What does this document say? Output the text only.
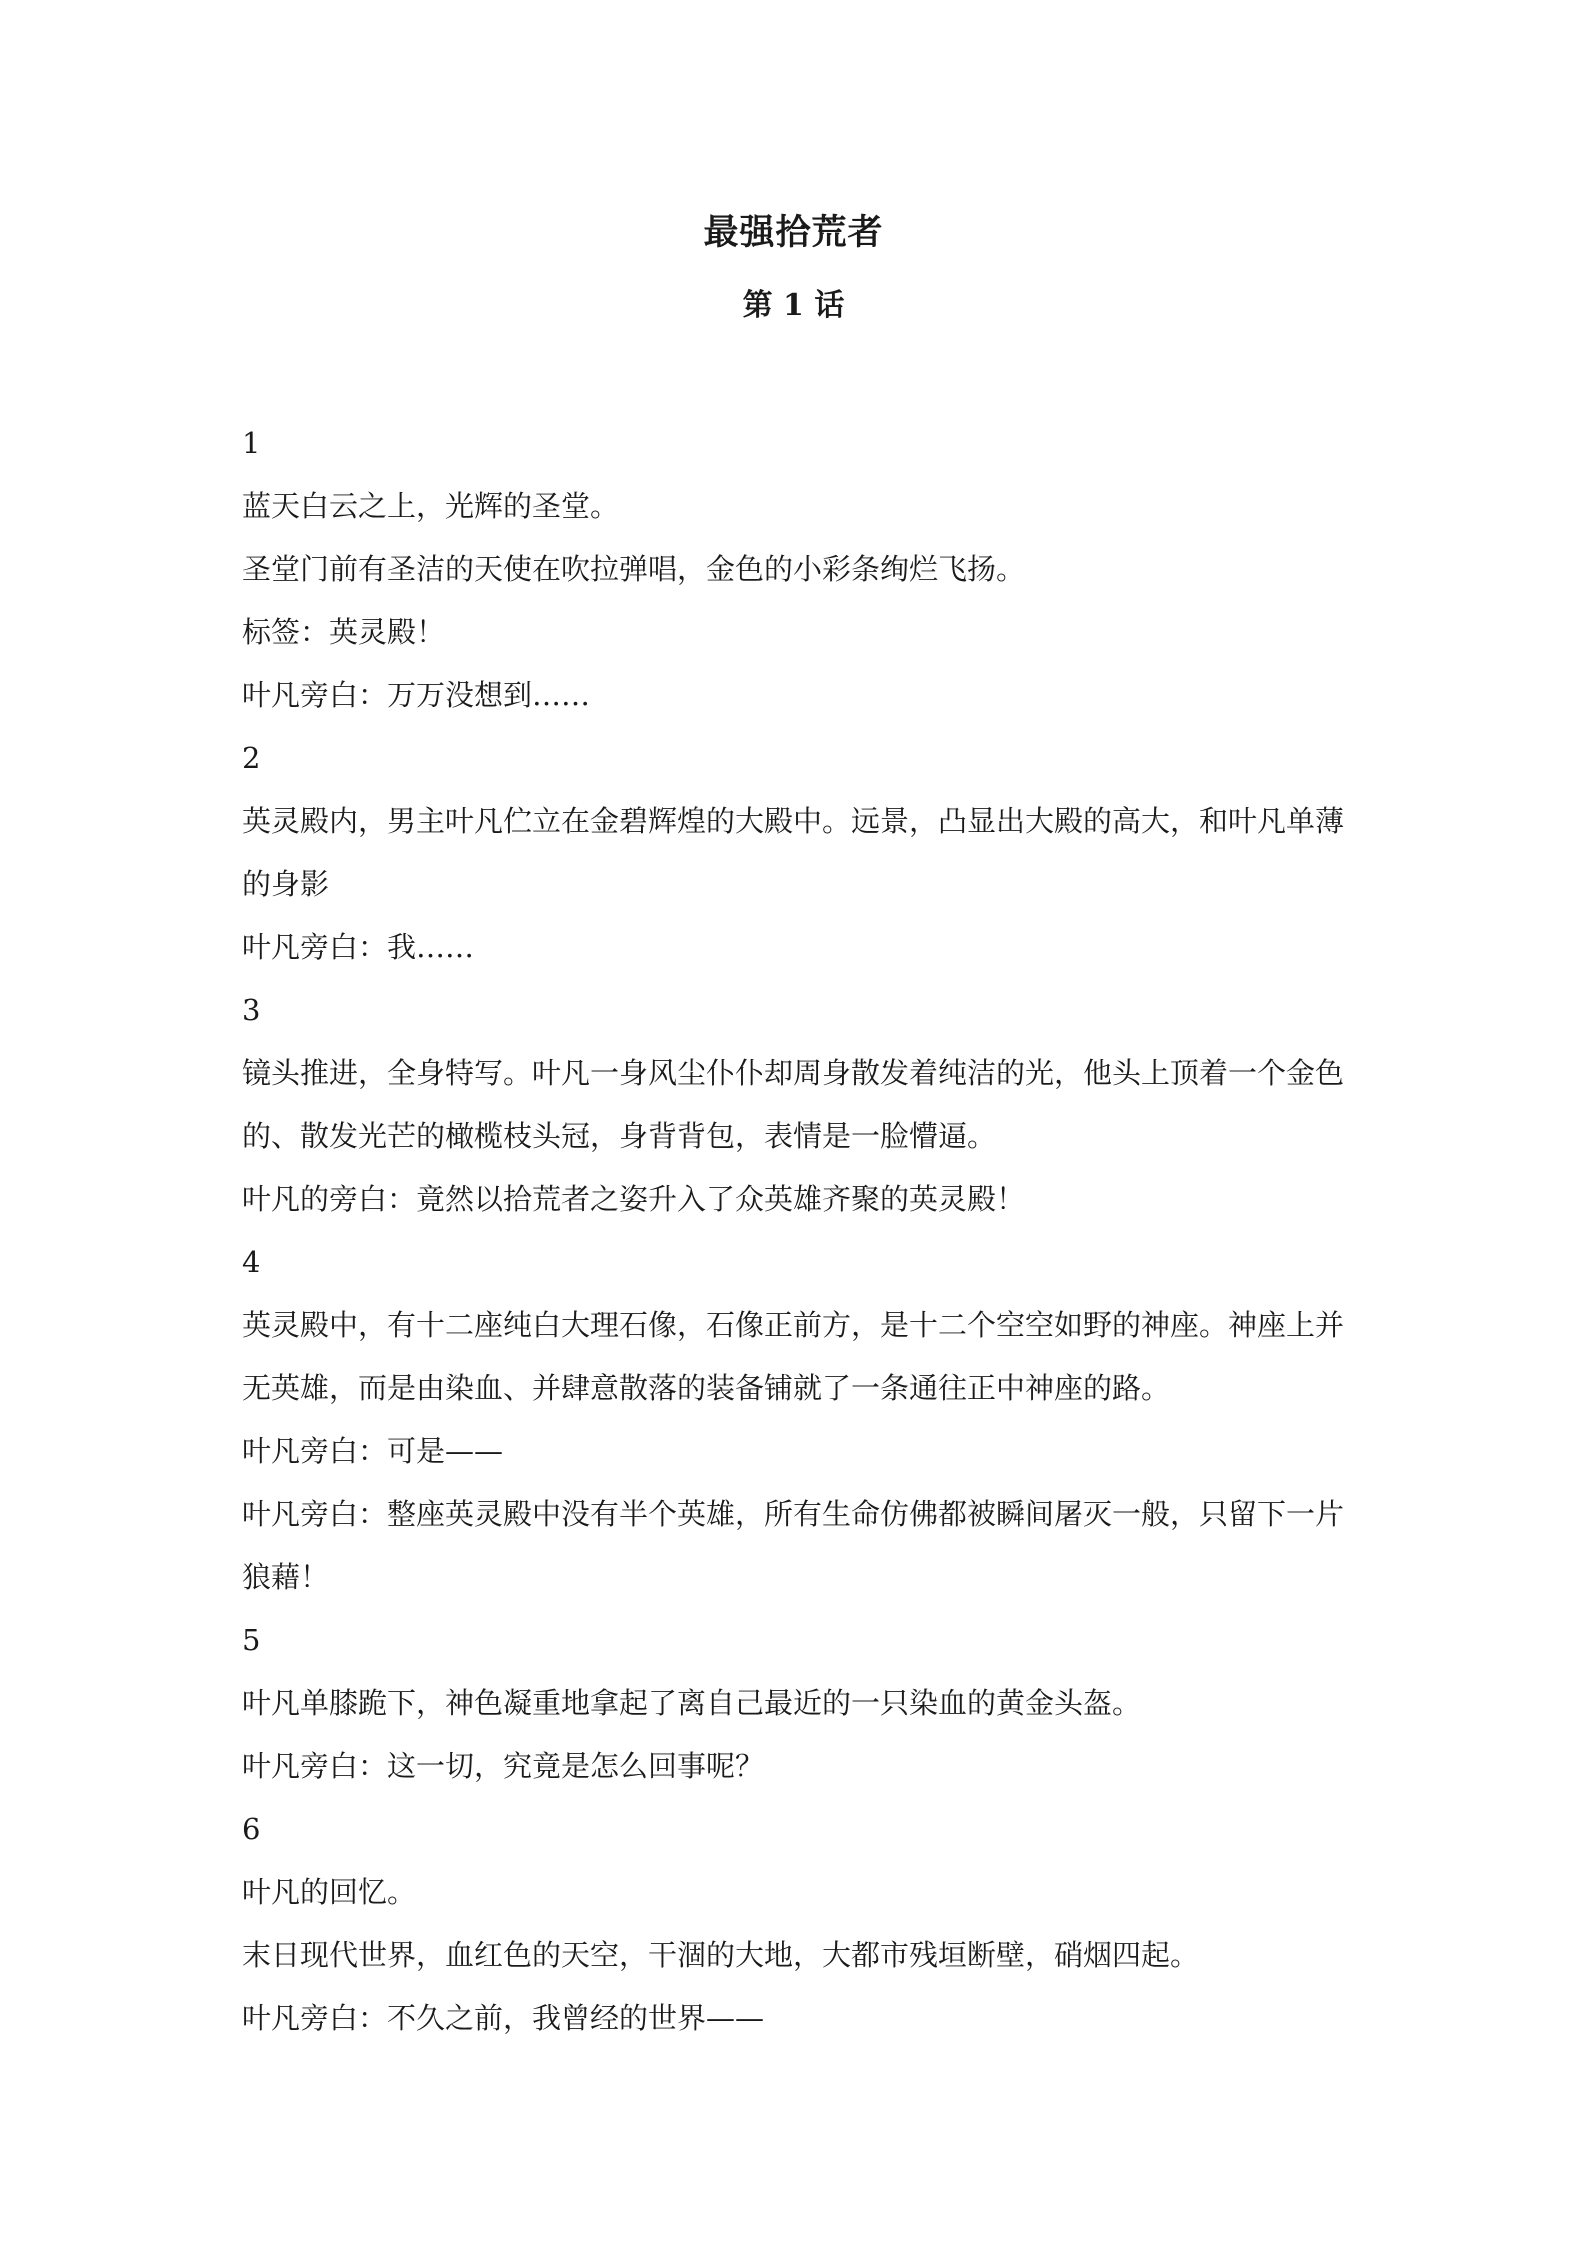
最强拾荒者
第 1 话

1

蓝天白云之上，光辉的圣堂。

圣堂门前有圣洁的天使在吹拉弹唱，金色的小彩条绚烂飞扬。

标签：英灵殿！

叶凡旁白：万万没想到……

2

英灵殿内，男主叶凡伫立在金碧辉煌的大殿中。远景，凸显出大殿的高大，和叶凡单薄的身影

叶凡旁白：我……

3

镜头推进，全身特写。叶凡一身风尘仆仆却周身散发着纯洁的光，他头上顶着一个金色的、散发光芒的橄榄枝头冠，身背背包，表情是一脸懵逼。

叶凡的旁白：竟然以拾荒者之姿升入了众英雄齐聚的英灵殿！

4

英灵殿中，有十二座纯白大理石像，石像正前方，是十二个空空如野的神座。神座上并无英雄，而是由染血、并肆意散落的装备铺就了一条通往正中神座的路。

叶凡旁白：可是——

叶凡旁白：整座英灵殿中没有半个英雄，所有生命仿佛都被瞬间屠灭一般，只留下一片狼藉！

5

叶凡单膝跪下，神色凝重地拿起了离自己最近的一只染血的黄金头盔。

叶凡旁白：这一切，究竟是怎么回事呢？

6

叶凡的回忆。

末日现代世界，血红色的天空，干涸的大地，大都市残垣断壁，硝烟四起。

叶凡旁白：不久之前，我曾经的世界——
